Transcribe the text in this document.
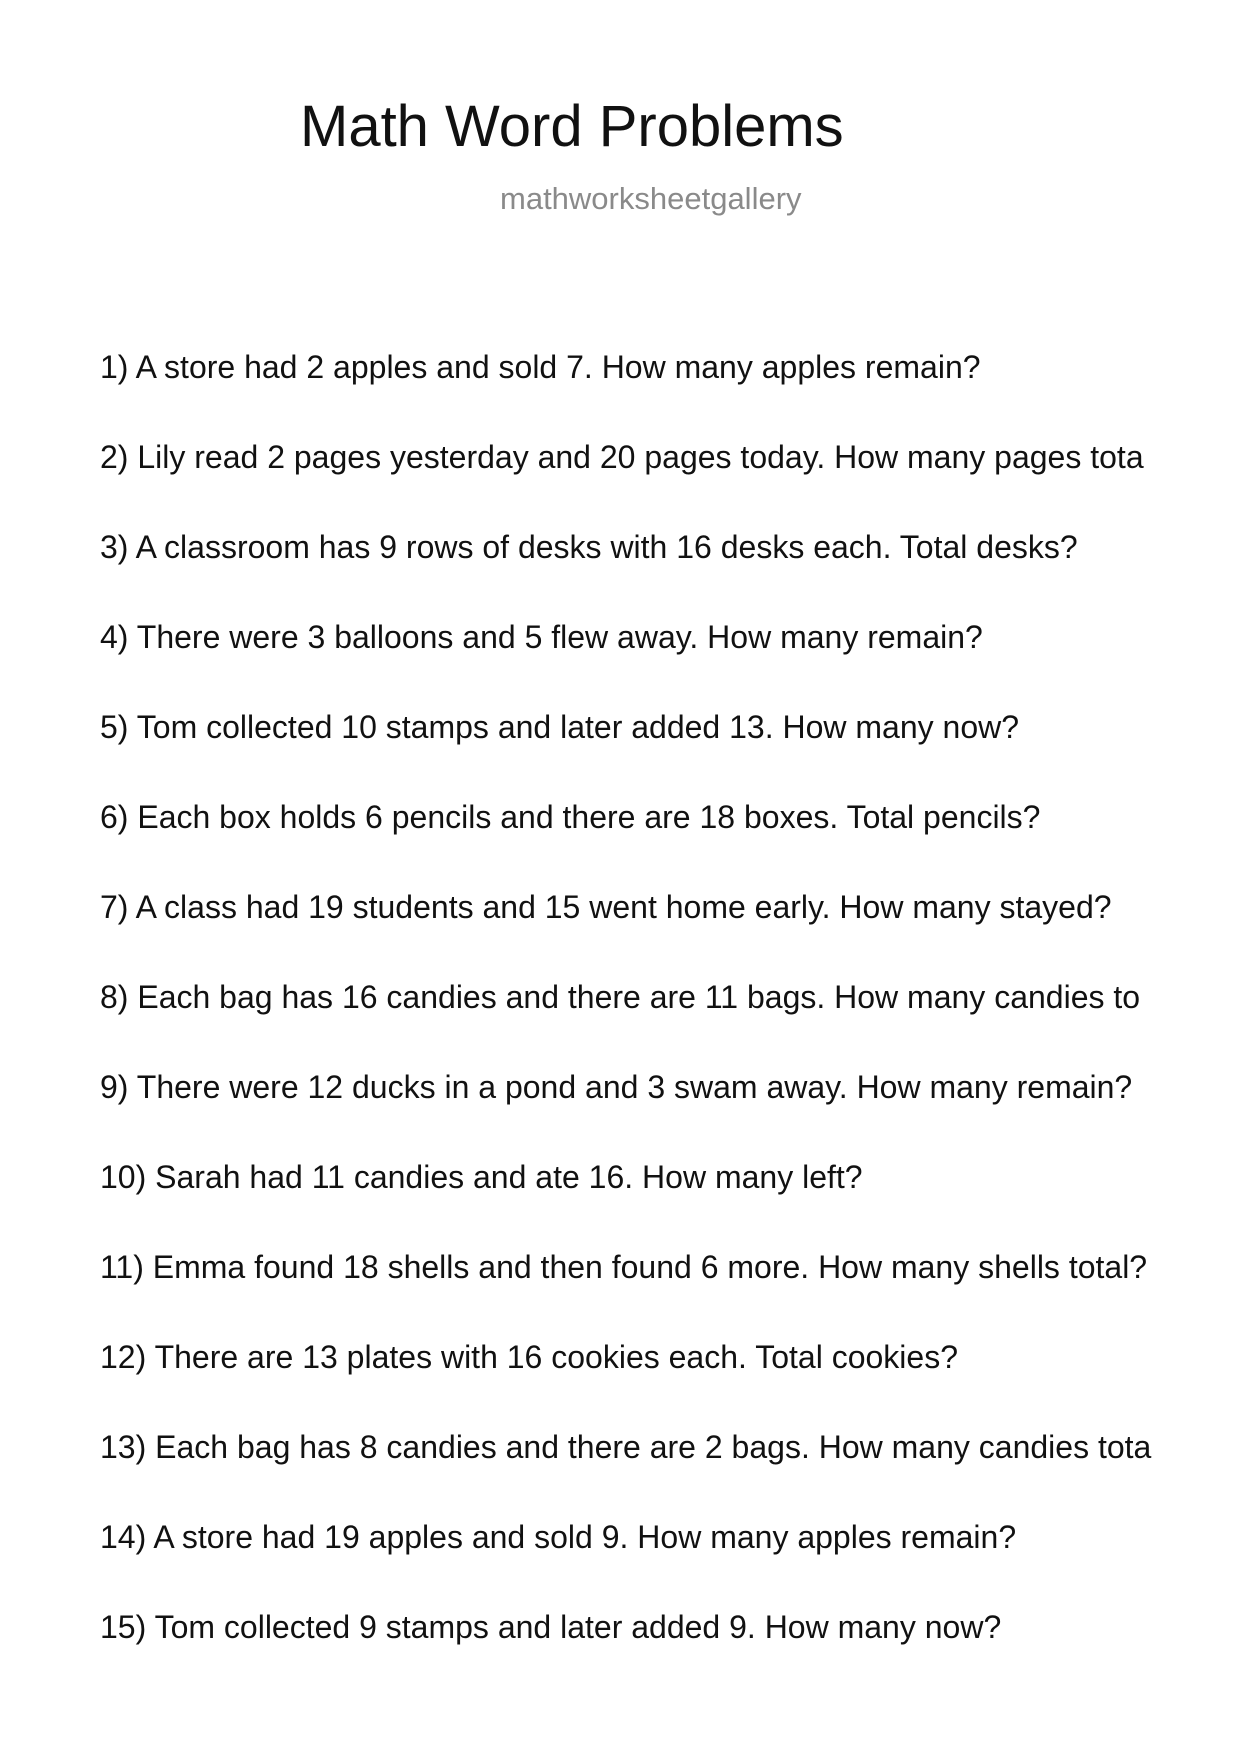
Math Word Problems
mathworksheetgallery
1) A store had 2 apples and sold 7. How many apples remain?
2) Lily read 2 pages yesterday and 20 pages today. How many pages tota
3) A classroom has 9 rows of desks with 16 desks each. Total desks?
4) There were 3 balloons and 5 flew away. How many remain?
5) Tom collected 10 stamps and later added 13. How many now?
6) Each box holds 6 pencils and there are 18 boxes. Total pencils?
7) A class had 19 students and 15 went home early. How many stayed?
8) Each bag has 16 candies and there are 11 bags. How many candies to
9) There were 12 ducks in a pond and 3 swam away. How many remain?
10) Sarah had 11 candies and ate 16. How many left?
11) Emma found 18 shells and then found 6 more. How many shells total?
12) There are 13 plates with 16 cookies each. Total cookies?
13) Each bag has 8 candies and there are 2 bags. How many candies tota
14) A store had 19 apples and sold 9. How many apples remain?
15) Tom collected 9 stamps and later added 9. How many now?
